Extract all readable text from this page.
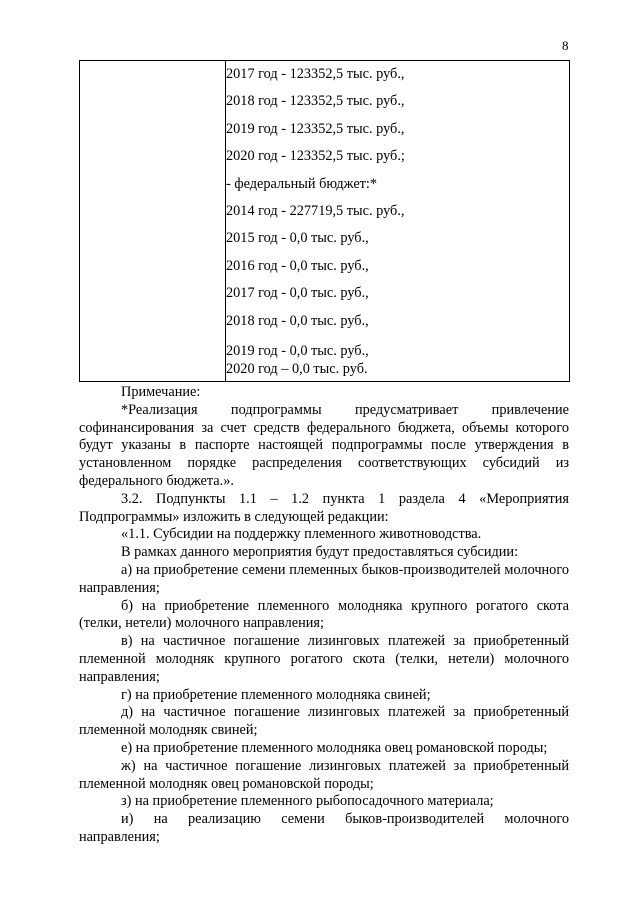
8

2017 год - 123352,5 тыс. руб.,
2018 год - 123352,5 тыс. руб.,
2019 год - 123352,5 тыс. руб.,
2020 год - 123352,5 тыс. руб.;
- федеральный бюджет:*
2014 год - 227719,5 тыс. руб.,
2015 год - 0,0 тыс. руб.,
2016 год - 0,0 тыс. руб.,
2017 год - 0,0 тыс. руб.,
2018 год - 0,0 тыс. руб.,
2019 год - 0,0 тыс. руб.,
2020 год – 0,0 тыс. руб.

Примечание:

*Реализация подпрограммы предусматривает привлечение

софинансирования за счет средств федерального бюджета, объемы которого будут указаны в паспорте настоящей подпрограммы после утверждения в установленном порядке распределения соответствующих субсидий из федерального бюджета.».

3.2. Подпункты 1.1 – 1.2 пункта 1 раздела 4 «Мероприятия Подпрограммы» изложить в следующей редакции:

«1.1. Субсидии на поддержку племенного животноводства.

В рамках данного мероприятия будут предоставляться субсидии:

а) на приобретение семени племенных быков-производителей молочного направления;

б) на приобретение племенного молодняка крупного рогатого скота (телки, нетели) молочного направления;

в) на частичное погашение лизинговых платежей за приобретенный племенной молодняк крупного рогатого скота (телки, нетели) молочного направления;

г) на приобретение племенного молодняка свиней;

д) на частичное погашение лизинговых платежей за приобретенный племенной молодняк свиней;

е) на приобретение племенного молодняка овец романовской породы;

ж) на частичное погашение лизинговых платежей за приобретенный племенной молодняк овец романовской породы;

з) на приобретение племенного рыбопосадочного материала;

и) на реализацию семени быков-производителей молочного направления;
